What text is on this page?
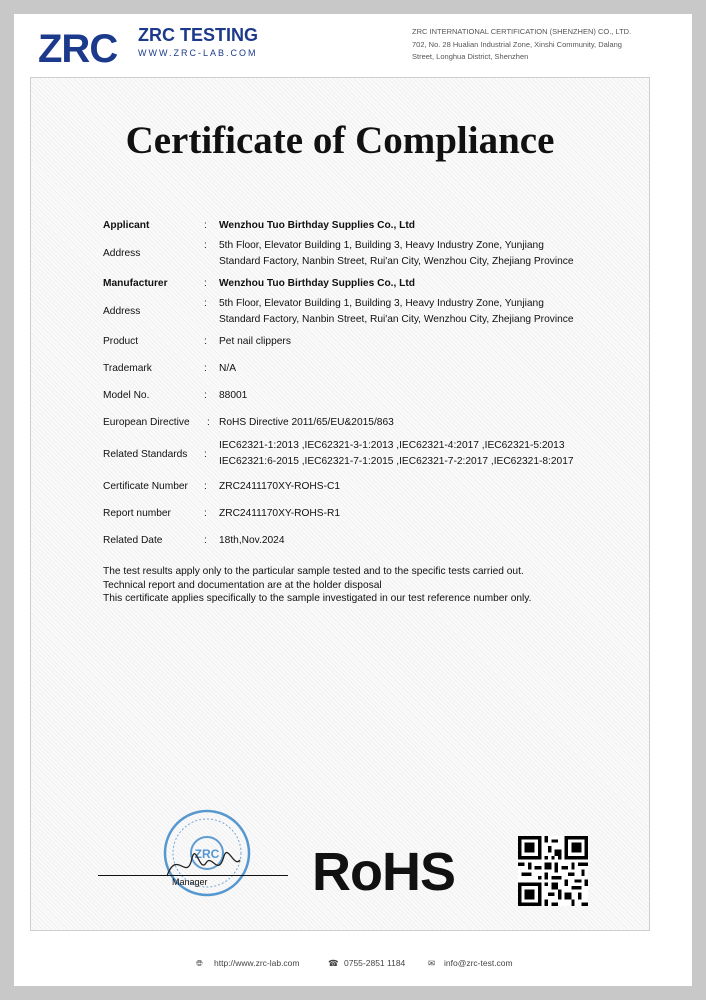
ZRC ZRC TESTING
WWW.ZRC-LAB.COM
ZRC INTERNATIONAL CERTIFICATION (SHENZHEN) CO., LTD.
702, No. 28 Hualian Industrial Zone, Xinshi Community, Dalang
Street, Longhua District, Shenzhen
Certificate of Compliance
Applicant	: Wenzhou Tuo Birthday Supplies Co., Ltd
Address
: 5th Floor, Elevator Building 1, Building 3, Heavy Industry Zone, Yunjiang
Standard Factory, Nanbin Street, Rui'an City, Wenzhou City, Zhejiang Province
Manufacturer	: Wenzhou Tuo Birthday Supplies Co., Ltd
Address
: 5th Floor, Elevator Building 1, Building 3, Heavy Industry Zone, Yunjiang
Standard Factory, Nanbin Street, Rui'an City, Wenzhou City, Zhejiang Province
Product	: Pet nail clippers
Trademark	: N/A
Model No.	: 88001
European Directive	: RoHS Directive 2011/65/EU&2015/863
Related Standards	:
IEC62321-1:2013 ,IEC62321-3-1:2013 ,IEC62321-4:2017 ,IEC62321-5:2013
IEC62321:6-2015 ,IEC62321-7-1:2015 ,IEC62321-7-2:2017 ,IEC62321-8:2017
Certificate Number	: ZRC2411170XY-ROHS-C1
Report number	: ZRC2411170XY-ROHS-R1
Related Date	: 18th,Nov.2024
The test results apply only to the particular sample tested and to the specific tests carried out.
Technical report and documentation are at the holder disposal
This certificate applies specifically to the sample investigated in our test reference number only.
ZRC
Manager RoHS
🌐︎ http://www.zrc-lab.com	☎ 0755-2851 1184	✉ info@zrc-test.com
